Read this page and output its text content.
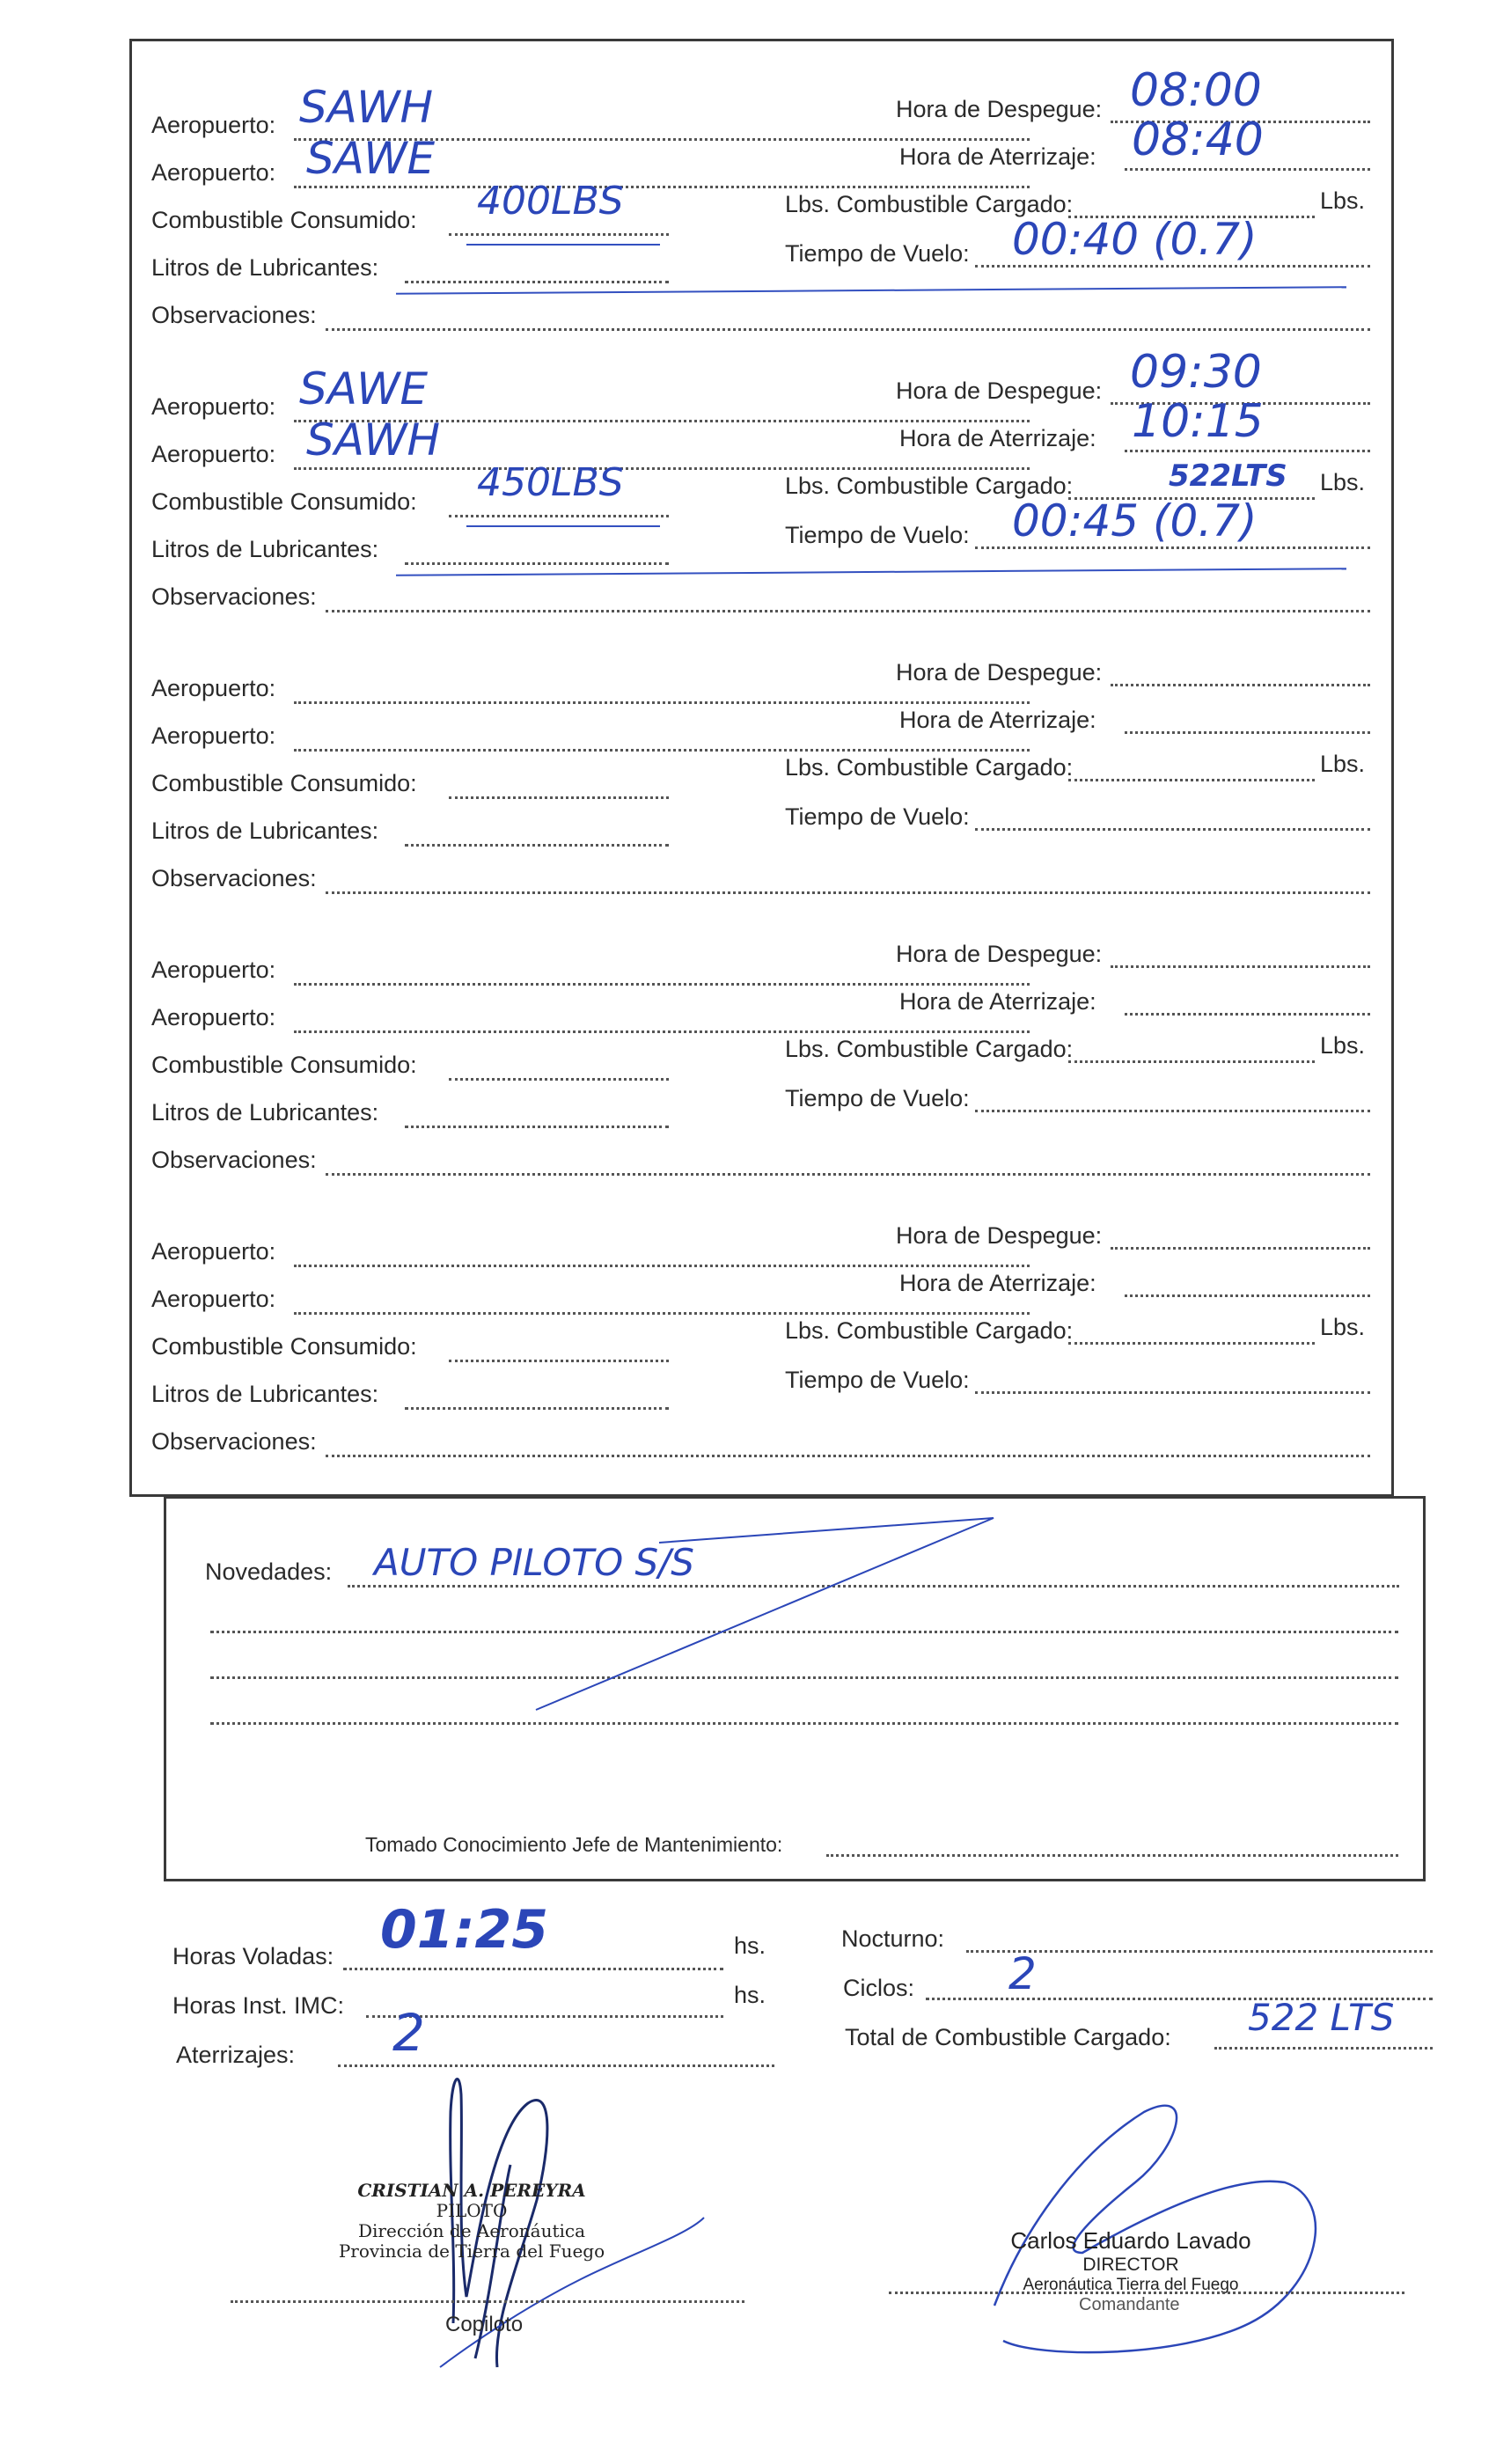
Aeropuerto: SAWH	Hora de Despegue: 08:00
Aeropuerto: SAWE	Hora de Aterrizaje: 08:40
Combustible Consumido: 400LBS	Lbs. Combustible Cargado:	Lbs.
Litros de Lubricantes:
Tiempo de Vuelo: 00:40 (0.7)
Observaciones:
Aeropuerto: SAWE	Hora de Despegue: 09:30
Aeropuerto: SAWH	Hora de Aterrizaje: 10:15
Combustible Consumido: 450LBS	Lbs. Combustible Cargado:	522LTS Lbs.
Litros de Lubricantes:
Tiempo de Vuelo: 00:45 (0.7)
Observaciones:
Aeropuerto:
Hora de Despegue:
Aeropuerto:
Hora de Aterrizaje:
Combustible Consumido:
Lbs. Combustible Cargado:	Lbs.
Litros de Lubricantes:
Tiempo de Vuelo:
Observaciones:
Aeropuerto:
Hora de Despegue:
Aeropuerto:
Hora de Aterrizaje:
Combustible Consumido:
Lbs. Combustible Cargado:	Lbs.
Litros de Lubricantes:
Tiempo de Vuelo:
Observaciones:
Aeropuerto:
Hora de Despegue:
Aeropuerto:
Hora de Aterrizaje:
Combustible Consumido:
Lbs. Combustible Cargado:	Lbs.
Litros de Lubricantes:
Tiempo de Vuelo:
Observaciones:
Novedades: AUTO PILOTO S/S
Tomado Conocimiento Jefe de Mantenimiento:
Horas Voladas: 01:25	hs.
Horas Inst. IMC:	hs.
Aterrizajes: 2
Nocturno:
Ciclos: 2
Total de Combustible Cargado: 522 LTS
CRISTIAN A. PEREYRA
PILOTO
Dirección de Aeronáutica
Provincia de Tierra del Fuego
Copiloto
Carlos Eduardo Lavado
DIRECTOR
Aeronáutica Tierra del Fuego
Comandante
